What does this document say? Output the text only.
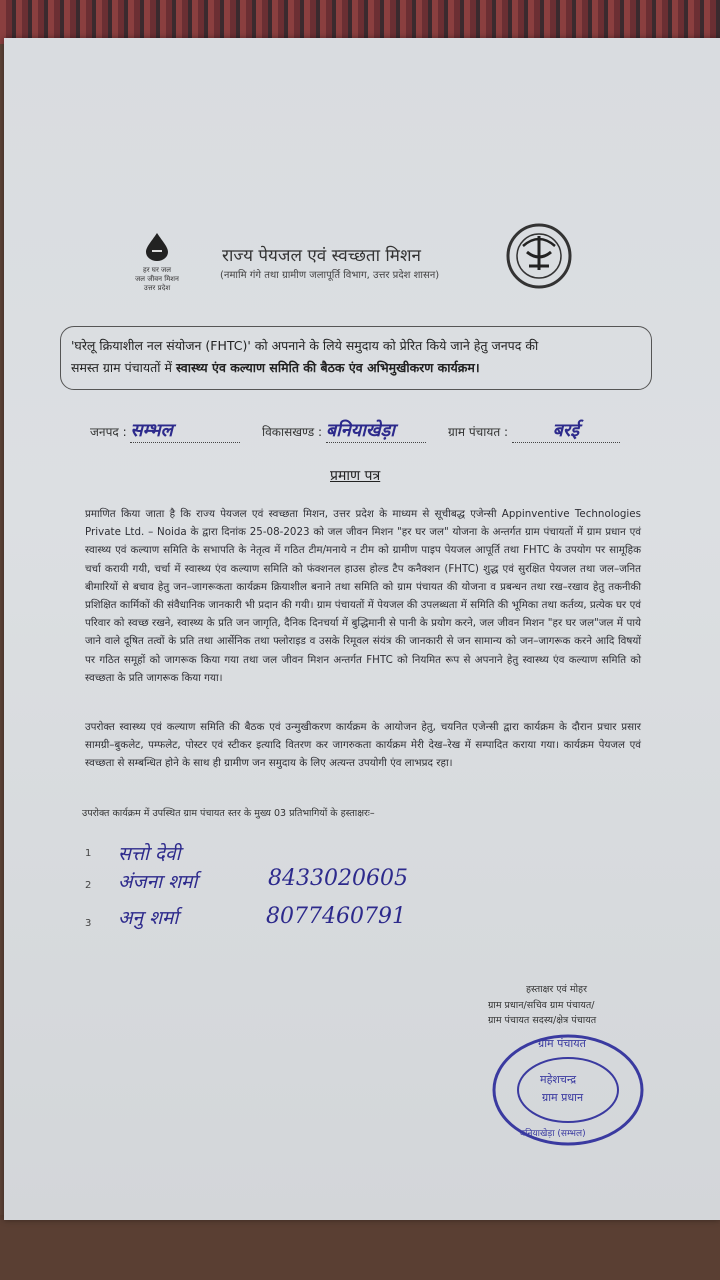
हर घर जल
जल जीवन मिशन
उत्तर प्रदेश
राज्य पेयजल एवं स्वच्छता मिशन
(नमामि गंगे तथा ग्रामीण जलापूर्ति विभाग, उत्तर प्रदेश शासन)
'घरेलू क्रियाशील नल संयोजन (FHTC)' को अपनाने के लिये समुदाय को प्रेरित किये जाने हेतु जनपद की
समस्त ग्राम पंचायतों में स्वास्थ्य एंव कल्याण समिति की बैठक एंव अभिमुखीकरण कार्यक्रम।
जनपद : सम्भल	विकासखण्ड : बनियाखेड़ा	ग्राम पंचायत : बरई
प्रमाण पत्र
प्रमाणित किया जाता है कि राज्य पेयजल एवं स्वच्छता मिशन, उत्तर प्रदेश के माध्यम से सूचीबद्ध एजेन्सी Appinventive Technologies Private Ltd. – Noida के द्वारा दिनांक 25-08-2023 को जल जीवन मिशन "हर घर जल" योजना के अन्तर्गत ग्राम पंचायतों में ग्राम प्रधान एवं स्वास्थ्य एवं कल्याण समिति के सभापति के नेतृत्व में गठित टीम/मनाये न टीम को ग्रामीण पाइप पेयजल आपूर्ति तथा FHTC के उपयोग पर सामूहिक चर्चा करायी गयी, चर्चा में स्वास्थ्य एंव कल्याण समिति को फंक्शनल हाउस होल्ड टैप कनैक्शन (FHTC) शुद्ध एवं सुरक्षित पेयजल तथा जल–जनित बीमारियों से बचाव हेतु जन–जागरूकता कार्यक्रम क्रियाशील बनाने तथा समिति को ग्राम पंचायत की योजना व प्रबन्धन तथा रख–रखाव हेतु तकनीकी प्रशिक्षित कार्मिकों की संवैधानिक जानकारी भी प्रदान की गयी। ग्राम पंचायतों में पेयजल की उपलब्धता में समिति की भूमिका तथा कर्तव्य, प्रत्येक घर एवं परिवार को स्वच्छ रखने, स्वास्थ्य के प्रति जन जागृति, दैनिक दिनचर्या में बुद्धिमानी से पानी के प्रयोग करने, जल जीवन मिशन "हर घर जल"जल में पाये जाने वाले दूषित तत्वों के प्रति तथा आर्सेनिक तथा फ्लोराइड व उसके रिमूवल संयंत्र की जानकारी से जन सामान्य को जन–जागरूक करने आदि विषयों पर गठित समूहों को जागरूक किया गया तथा जल जीवन मिशन अन्तर्गत FHTC को नियमित रूप से अपनाने हेतु स्वास्थ्य एंव कल्याण समिति को स्वच्छता के प्रति जागरूक किया गया।
उपरोक्त स्वास्थ्य एवं कल्याण समिति की बैठक एवं उन्मुखीकरण कार्यक्रम के आयोजन हेतु, चयनित एजेन्सी द्वारा कार्यक्रम के दौरान प्रचार प्रसार सामग्री–बुकलेट, पम्फलेट, पोस्टर एवं स्टीकर इत्यादि वितरण कर जागरुकता कार्यक्रम मेरी देख–रेख में सम्पादित कराया गया। कार्यक्रम पेयजल एवं स्वच्छता से सम्बन्धित होने के साथ ही ग्रामीण जन समुदाय के लिए अत्यन्त उपयोगी एंव लाभप्रद रहा।
उपरोक्त कार्यक्रम में उपस्थित ग्राम पंचायत स्तर के मुख्य 03 प्रतिभागियों के हस्ताक्षरः–
1 सत्तो देवी
2 अंजना शर्मा	8433020605
3 अनु शर्मा	8077460791
हस्ताक्षर एवं मोहर
ग्राम प्रधान/सचिव ग्राम पंचायत/
ग्राम पंचायत सदस्य/क्षेत्र पंचायत
ग्राम पंचायत
महेशचन्द्र
ग्राम प्रधान
बनियाखेड़ा (सम्भल)
